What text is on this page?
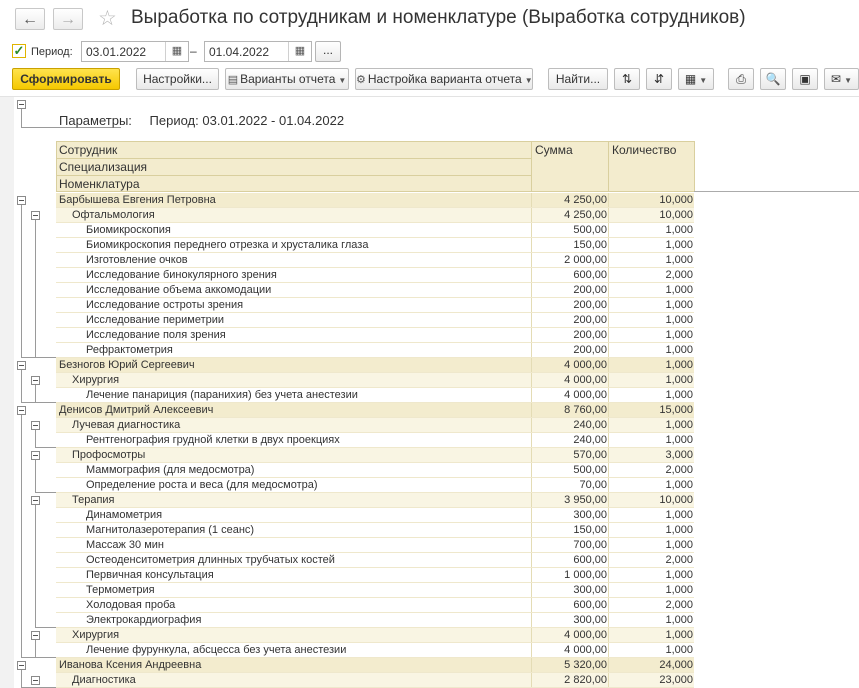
←	→	☆ Выработка по сотрудникам и номенклатуре (Выработка сотрудников)
✓ Период: 03.01.2022	▦ – 01.04.2022	▦	...
Сформировать	Настройки...	▤ Варианты отчета ▼ ⚙ Настройка варианта отчета ▼	Найти...	⇅	⇵	▦ ▼	⎙	🔍	▣	✉ ▼
Параметры: Период: 03.01.2022 - 01.04.2022
Сотрудник
Специализация
Номенклатура
Сумма	Количество
Барбышева Евгения Петровна	4 250,00	10,000
Офтальмология	4 250,00	10,000
Биомикроскопия	500,00	1,000
Биомикроскопия переднего отрезка и хрусталика глаза	150,00	1,000
Изготовление очков	2 000,00	1,000
Исследование бинокулярного зрения	600,00	2,000
Исследование объема аккомодации	200,00	1,000
Исследование остроты зрения	200,00	1,000
Исследование периметрии	200,00	1,000
Исследование поля зрения	200,00	1,000
Рефрактометрия	200,00	1,000
Безногов Юрий Сергеевич	4 000,00	1,000
Хирургия	4 000,00	1,000
Лечение панариция (паранихия) без учета анестезии	4 000,00	1,000
Денисов Дмитрий Алексеевич	8 760,00	15,000
Лучевая диагностика	240,00	1,000
Рентгенография грудной клетки в двух проекциях	240,00	1,000
Профосмотры	570,00	3,000
Маммография (для медосмотра)	500,00	2,000
Определение роста и веса (для медосмотра)	70,00	1,000
Терапия	3 950,00	10,000
Динамометрия	300,00	1,000
Магнитолазеротерапия (1 сеанс)	150,00	1,000
Массаж 30 мин	700,00	1,000
Остеоденситометрия длинных трубчатых костей	600,00	2,000
Первичная консультация	1 000,00	1,000
Термометрия	300,00	1,000
Холодовая проба	600,00	2,000
Электрокардиография	300,00	1,000
Хирургия	4 000,00	1,000
Лечение фурункула, абсцесса без учета анестезии	4 000,00	1,000
Иванова Ксения Андреевна	5 320,00	24,000
Диагностика	2 820,00	23,000
